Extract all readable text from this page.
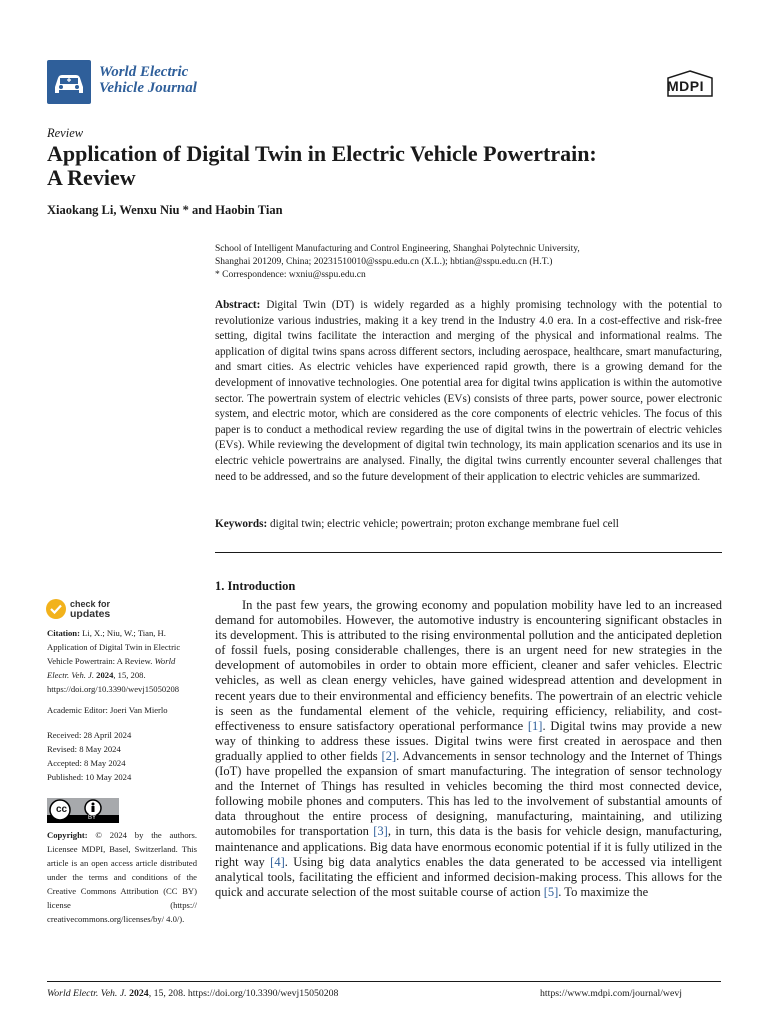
World Electric
Vehicle Journal	MDPI
Review
Application of Digital Twin in Electric Vehicle Powertrain:
A Review
Xiaokang Li, Wenxu Niu * and Haobin Tian
School of Intelligent Manufacturing and Control Engineering, Shanghai Polytechnic University,
Shanghai 201209, China; 20231510010@sspu.edu.cn (X.L.); hbtian@sspu.edu.cn (H.T.)
* Correspondence: wxniu@sspu.edu.cn
Abstract: Digital Twin (DT) is widely regarded as a highly promising technology with the potential to revolutionize various industries, making it a key trend in the Industry 4.0 era. In a cost-effective and risk-free setting, digital twins facilitate the interaction and merging of the physical and informational realms. The application of digital twins spans across different sectors, including aerospace, healthcare, smart manufacturing, and smart cities. As electric vehicles have experienced rapid growth, there is a growing demand for the development of innovative technologies. One potential area for digital twins application is within the automotive sector. The powertrain system of electric vehicles (EVs) consists of three parts, power source, power electronic system, and electric motor, which are considered as the core components of electric vehicles. The focus of this paper is to conduct a methodical review regarding the use of digital twins in the powertrain of electric vehicles (EVs). While reviewing the development of digital twin technology, its main application scenarios and its use in electric vehicle powertrains are analysed. Finally, the digital twins currently encounter several challenges that need to be addressed, and so the future development of their application to electric vehicles are summarized.
Keywords: digital twin; electric vehicle; powertrain; proton exchange membrane fuel cell
1. Introduction
In the past few years, the growing economy and population mobility have led to an increased demand for automobiles. However, the automotive industry is encountering significant obstacles in its development. This is attributed to the rising environmental pollution and the anticipated depletion of fossil fuels, posing considerable challenges, there is an urgent need for new strategies in the development of automobiles in order to obtain more efficient, cleaner and safer vehicles. Electric vehicles, as well as clean energy vehicles, have gained widespread attention and development in recent years due to their environmental and efficiency benefits. The powertrain of an electric vehicle is seen as the fundamental element of the vehicle, requiring efficiency, reliability, and cost-effectiveness to ensure satisfactory operational performance [1]. Digital twins may provide a new way of thinking to address these issues. Digital twins were first created in aerospace and then gradually applied to other fields [2]. Advancements in sensor technology and the Internet of Things (IoT) have propelled the expansion of smart manufacturing. The integration of sensor technology and the Internet of Things has resulted in vehicles becoming the third most connected device, following mobile phones and computers. This has led to the involvement of substantial amounts of data throughout the entire process of designing, manufacturing, maintaining, and utilizing automobiles for transportation [3], in turn, this data is the basis for vehicle design, manufacturing, maintenance and applications. Big data have enormous economic potential if it is fully utilized in the right way [4]. Using big data analytics enables the data generated to be accessed via intelligent analytical tools, facilitating the efficient and informed decision-making process. This allows for the quick and accurate selection of the most suitable course of action [5]. To maximize the
check for
updates
Citation: Li, X.; Niu, W.; Tian, H. Application of Digital Twin in Electric Vehicle Powertrain: A Review. World Electr. Veh. J. 2024, 15, 208. https://doi.org/10.3390/wevj15050208
Academic Editor: Joeri Van Mierlo
Received: 28 April 2024
Revised: 8 May 2024
Accepted: 8 May 2024
Published: 10 May 2024
cc
BY
Copyright: © 2024 by the authors. Licensee MDPI, Basel, Switzerland. This article is an open access article distributed under the terms and conditions of the Creative Commons Attribution (CC BY) license (https:// creativecommons.org/licenses/by/ 4.0/).
World Electr. Veh. J. 2024, 15, 208. https://doi.org/10.3390/wevj15050208	https://www.mdpi.com/journal/wevj
